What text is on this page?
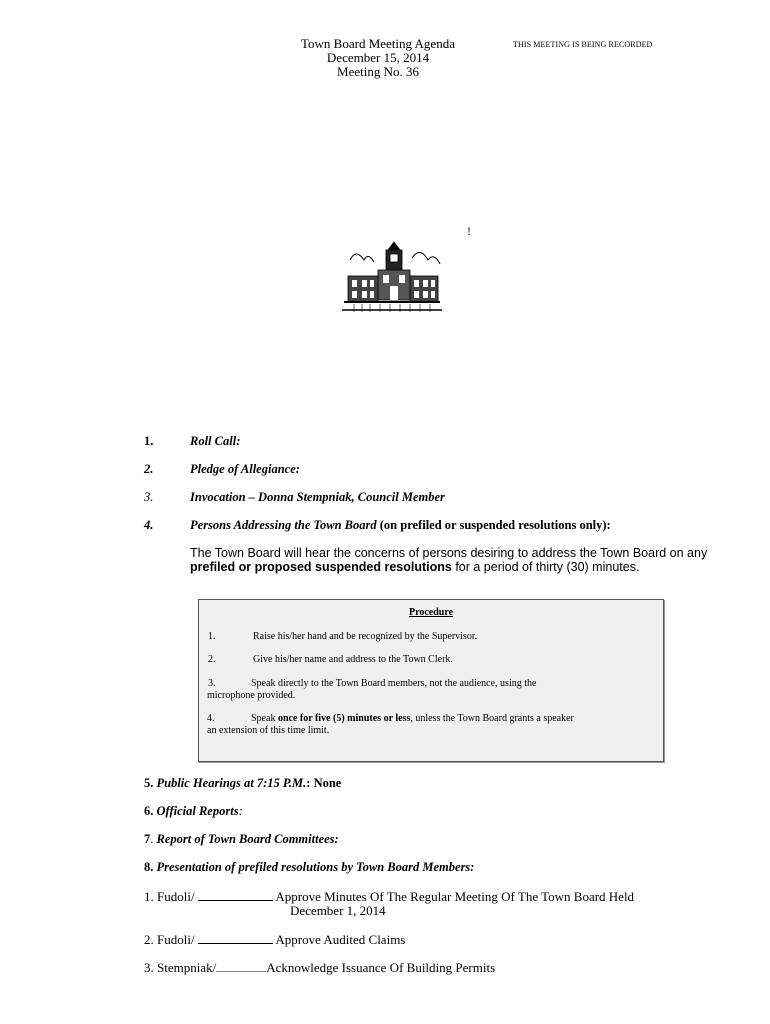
Town Board Meeting Agenda
December 15, 2014
Meeting No. 36
THIS MEETING IS BEING RECORDED
!
1.	Roll Call:
2.	Pledge of Allegiance:
3.	Invocation – Donna Stempniak, Council Member
4.	Persons Addressing the Town Board (on prefiled or suspended resolutions only):
The Town Board will hear the concerns of persons desiring to address the Town Board on any prefiled or proposed suspended resolutions for a period of thirty (30) minutes.
Procedure
1.	Raise his/her hand and be recognized by the Supervisor.
2.	Give his/her name and address to the Town Clerk.
3.	Speak directly to the Town Board members, not the audience, using the
microphone provided.
4.	Speak once for five (5) minutes or less, unless the Town Board grants a speaker
an extension of this time limit.
5. Public Hearings at 7:15 P.M.: None
6. Official Reports:
7. Report of Town Board Committees:
8. Presentation of prefiled resolutions by Town Board Members:
1. Fudoli/	Approve Minutes Of The Regular Meeting Of The Town Board Held
December 1, 2014
2. Fudoli/	Approve Audited Claims
3. Stempniak/	Acknowledge Issuance Of Building Permits
